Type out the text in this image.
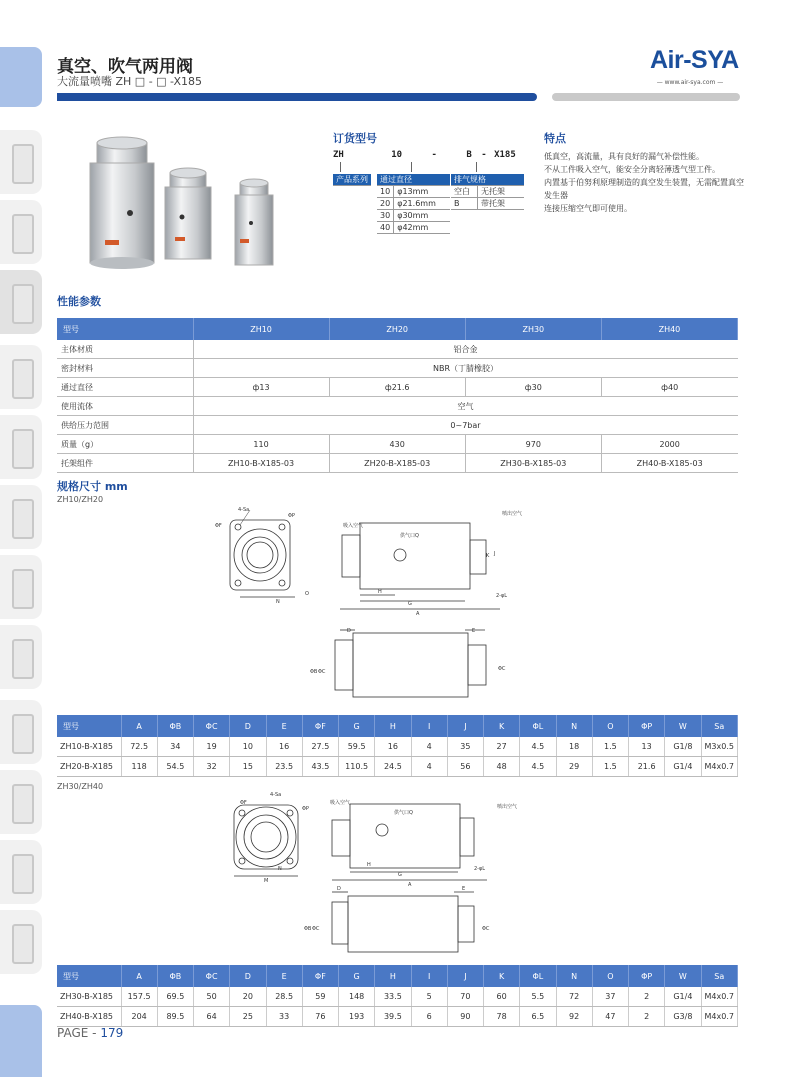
真空、吹气两用阀
大流量喷嘴 ZH □ - □ -X185
Air-SYA
— www.air-sya.com —
订货型号
ZH	10	-	B - X185
产品系列 通过直径	
10	φ13mm
20	φ21.6mm
30	φ30mm
40	φ42mm
排气规格	
空白	无托架
B	带托架
特点

低真空，高流量，具有良好的漏气补偿性能。

不从工件吸入空气，能安全分离轻薄透气型工件。

内置基于伯努利原理制造的真空发生装置，无需配置真空发生器

连接压缩空气即可使用。

性能参数
型号	ZH10	ZH20	ZH30	ZH40
主体材质	铝合金			
密封材料	NBR（丁腈橡胶）			
通过直径	ф13	ф21.6	ф30	ф40
使用流体	空气			
供给压力范围	0~7bar			
质量（g）	110	430	970	2000
托架组件	ZH10-B-X185-03	ZH20-B-X185-03	ZH30-B-X185-03	ZH40-B-X185-03
规格尺寸 mm
ZH10/ZH20
4-Sa
ΦF
ΦP
N
O
吸入空气
喷出空气
供气口Q
2-φL
A
G
H
J
K
D	E
ΦB ΦC	ΦC
型号	A	ΦB	ΦC	D	E	ΦF	G	H	I	J	K	ΦL	N	O	ΦP	W	Sa
ZH10-B-X185	72.5	34	19	10	16	27.5	59.5	16	4	35	27	4.5	18	1.5	13	G1/8	M3x0.5
ZH20-B-X185	118	54.5	32	15	23.5	43.5	110.5	24.5	4	56	48	4.5	29	1.5	21.6	G1/4	M4x0.7
ZH30/ZH40
4-Sa
ΦF
ΦP
N
M
吸入空气
喷出空气
供气口Q
2-φL
A
G
H
D	E
ΦB ΦC	ΦC
型号	A	ΦB	ΦC	D	E	ΦF	G	H	I	J	K	ΦL	N	O	ΦP	W	Sa
ZH30-B-X185	157.5	69.5	50	20	28.5	59	148	33.5	5	70	60	5.5	72	37	2	G1/4	M4x0.7
ZH40-B-X185	204	89.5	64	25	33	76	193	39.5	6	90	78	6.5	92	47	2	G3/8	M4x0.7
PAGE - 179
